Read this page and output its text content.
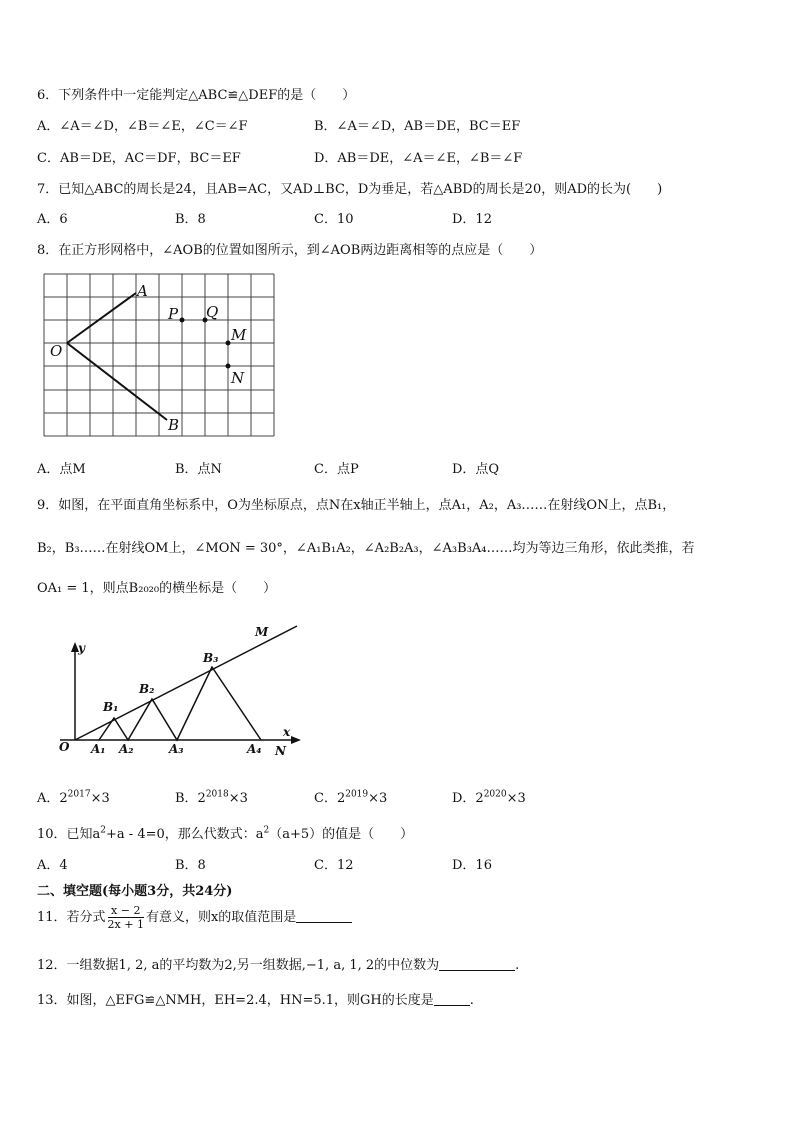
6．下列条件中一定能判定△ABC≌△DEF的是（　　）
A．∠A＝∠D，∠B＝∠E，∠C＝∠F	B．∠A＝∠D，AB＝DE，BC＝EF
C．AB＝DE，AC＝DF，BC＝EF	D．AB＝DE，∠A＝∠E，∠B＝∠F
7．已知△ABC的周长是24，且AB=AC，又AD⊥BC，D为垂足，若△ABD的周长是20，则AD的长为(　　)
A．6	B．8	C．10	D．12
8．在正方形网格中，∠AOB的位置如图所示，到∠AOB两边距离相等的点应是（　　）
A
B
O
P Q
M
N
A．点M	B．点N	C．点P	D．点Q
9．如图，在平面直角坐标系中，O为坐标原点，点N在x轴正半轴上，点A₁，A₂，A₃……在射线ON上，点B₁，
B₂，B₃……在射线OM上，∠MON = 30°，∠A₁B₁A₂，∠A₂B₂A₃，∠A₃B₃A₄……均为等边三角形，依此类推，若
OA₁ = 1，则点B₂₀₂₀的横坐标是（　　）
y
x
M
N
O A₁ A₂	A₃	A₄
B₁
B₂
B₃
A．$2^{2017}\times 3$	B．$2^{2018}\times 3$	C．$2^{2019}\times 3$	D．$2^{2020}\times 3$
10．已知$a^2+a - 4=0$，那么代数式：$a^2(a+5)$的值是（　　）
A．4	B．8	C．12	D．16
二、填空题(每小题3分，共24分)
11．若分式 $\frac{x - 2}{2x + 1}$ 有意义，则x的取值范围是
12．一组数据1, 2, a的平均数为2,另一组数据,−1, a, 1, 2的中位数为	.
13．如图，△EFG≌△NMH，EH=2.4，HN=5.1，则GH的长度是	.
